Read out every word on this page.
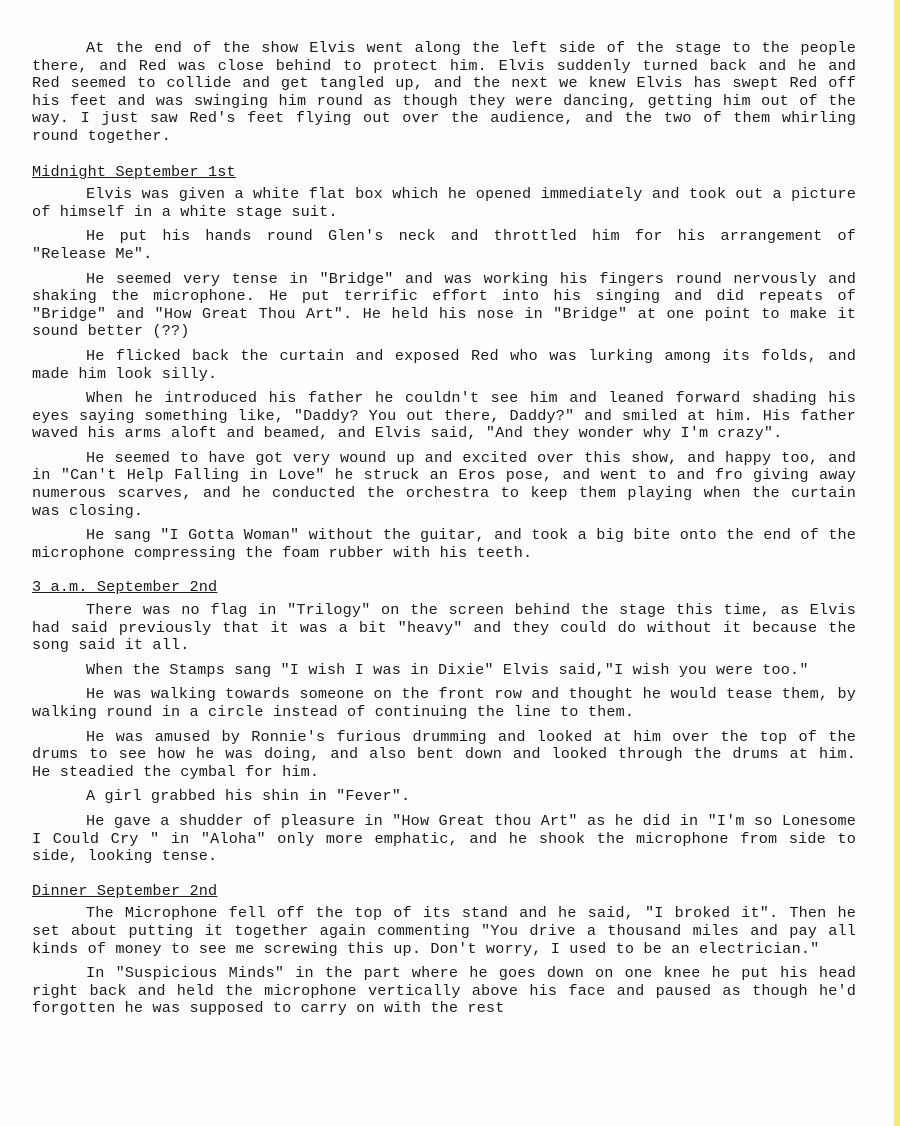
At the end of the show Elvis went along the left side of the stage to the people there, and Red was close behind to protect him. Elvis suddenly turned back and he and Red seemed to collide and get tangled up, and the next we knew Elvis has swept Red off his feet and was swinging him round as though they were dancing, getting him out of the way. I just saw Red's feet flying out over the audience, and the two of them whirling round together.

Midnight September 1st

Elvis was given a white flat box which he opened immediately and took out a picture of himself in a white stage suit.

He put his hands round Glen's neck and throttled him for his arrangement of "Release Me".

He seemed very tense in "Bridge" and was working his fingers round nervously and shaking the microphone. He put terrific effort into his singing and did repeats of "Bridge" and "How Great Thou Art". He held his nose in "Bridge" at one point to make it sound better (??)

He flicked back the curtain and exposed Red who was lurking among its folds, and made him look silly.

When he introduced his father he couldn't see him and leaned forward shading his eyes saying something like, "Daddy? You out there, Daddy?" and smiled at him. His father waved his arms aloft and beamed, and Elvis said, "And they wonder why I'm crazy".

He seemed to have got very wound up and excited over this show, and happy too, and in "Can't Help Falling in Love" he struck an Eros pose, and went to and fro giving away numerous scarves, and he conducted the orchestra to keep them playing when the curtain was closing.

He sang "I Gotta Woman" without the guitar, and took a big bite onto the end of the microphone compressing the foam rubber with his teeth.

3 a.m. September 2nd

There was no flag in "Trilogy" on the screen behind the stage this time, as Elvis had said previously that it was a bit "heavy" and they could do without it because the song said it all.

When the Stamps sang "I wish I was in Dixie" Elvis said,"I wish you were too."

He was walking towards someone on the front row and thought he would tease them, by walking round in a circle instead of continuing the line to them.

He was amused by Ronnie's furious drumming and looked at him over the top of the drums to see how he was doing, and also bent down and looked through the drums at him. He steadied the cymbal for him.

A girl grabbed his shin in "Fever".

He gave a shudder of pleasure in "How Great thou Art" as he did in "I'm so Lonesome I Could Cry " in "Aloha" only more emphatic, and he shook the microphone from side to side, looking tense.

Dinner September 2nd

The Microphone fell off the top of its stand and he said, "I broked it". Then he set about putting it together again commenting "You drive a thousand miles and pay all kinds of money to see me screwing this up. Don't worry, I used to be an electrician."

In "Suspicious Minds" in the part where he goes down on one knee he put his head right back and held the microphone vertically above his face and paused as though he'd forgotten he was supposed to carry on with the rest
